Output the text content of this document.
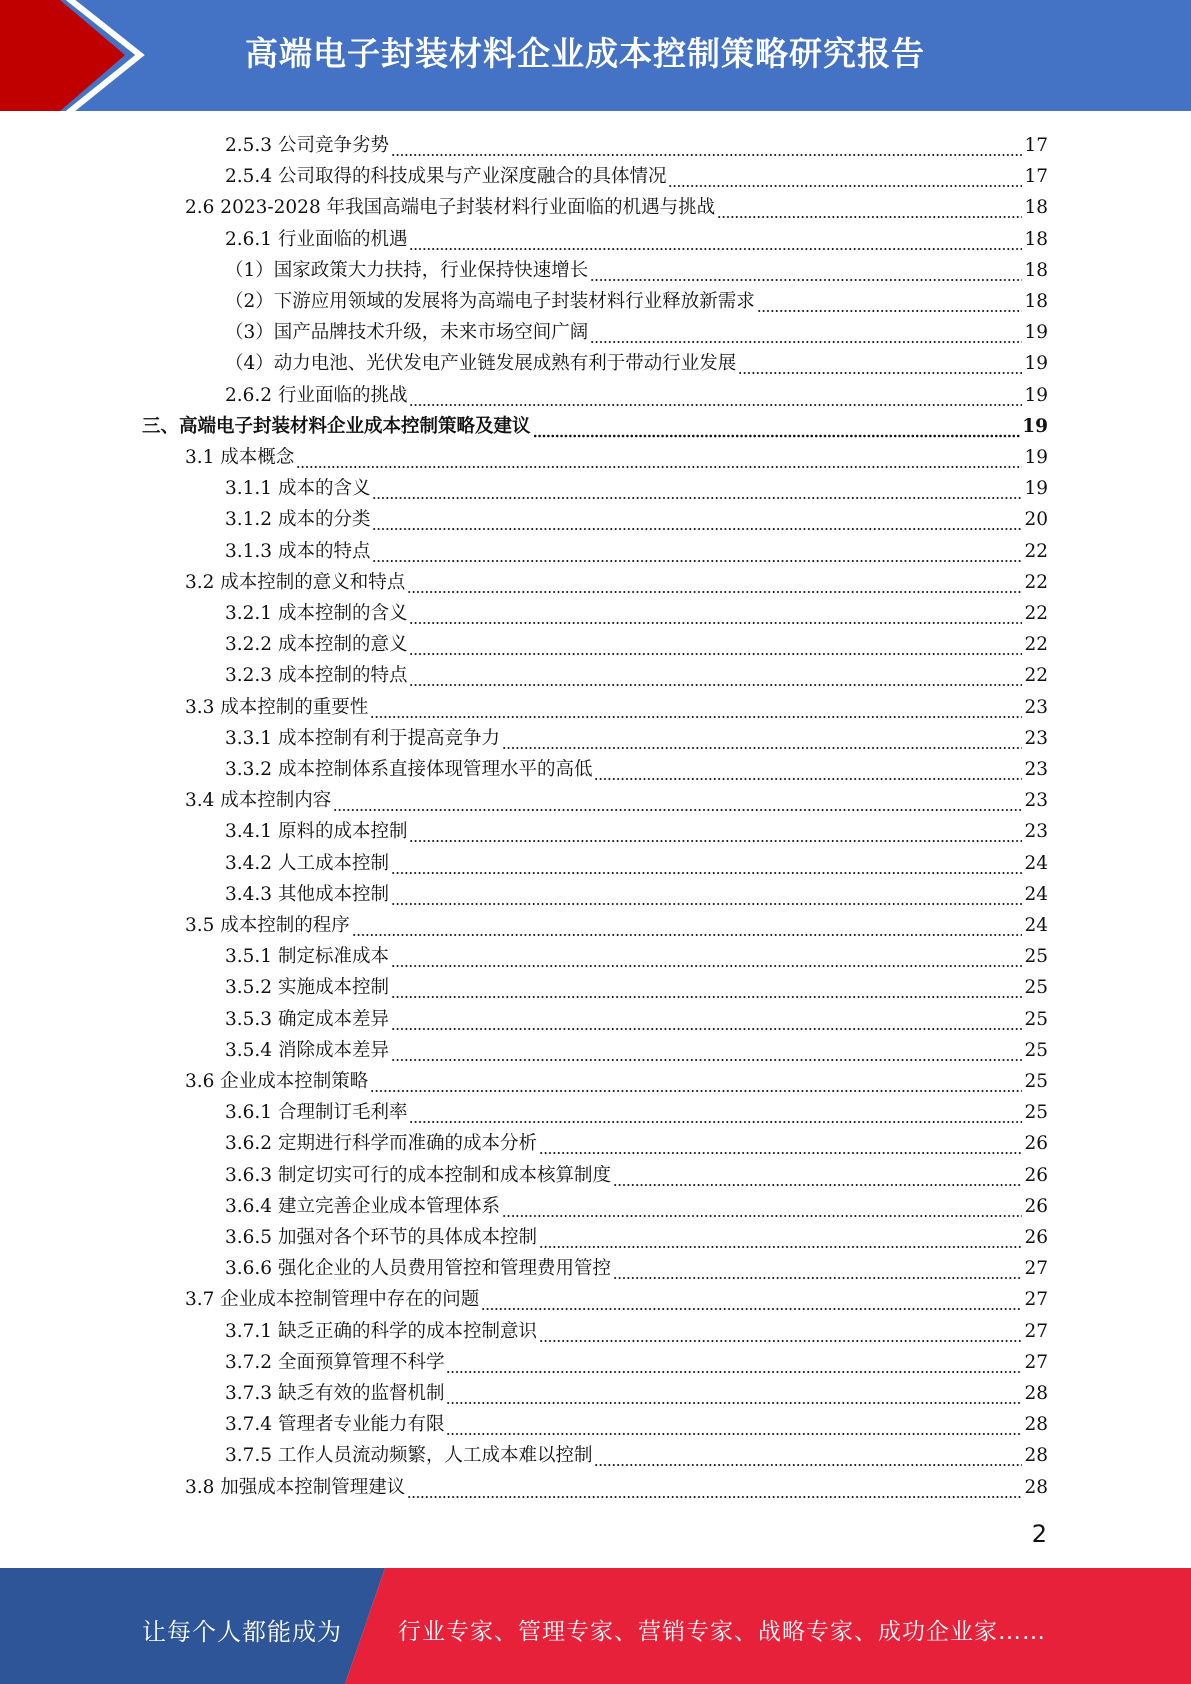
高端电子封装材料企业成本控制策略研究报告
2.5.3 公司竞争劣势	17
2.5.4 公司取得的科技成果与产业深度融合的具体情况	17
2.6 2023-2028 年我国高端电子封装材料行业面临的机遇与挑战	18
2.6.1 行业面临的机遇	18
（1）国家政策大力扶持，行业保持快速增长	18
（2）下游应用领域的发展将为高端电子封装材料行业释放新需求	18
（3）国产品牌技术升级，未来市场空间广阔	19
（4）动力电池、光伏发电产业链发展成熟有利于带动行业发展	19
2.6.2 行业面临的挑战	19
三、高端电子封装材料企业成本控制策略及建议	19
3.1 成本概念	19
3.1.1 成本的含义	19
3.1.2 成本的分类	20
3.1.3 成本的特点	22
3.2 成本控制的意义和特点	22
3.2.1 成本控制的含义	22
3.2.2 成本控制的意义	22
3.2.3 成本控制的特点	22
3.3 成本控制的重要性	23
3.3.1 成本控制有利于提高竞争力	23
3.3.2 成本控制体系直接体现管理水平的高低	23
3.4 成本控制内容	23
3.4.1 原料的成本控制	23
3.4.2 人工成本控制	24
3.4.3 其他成本控制	24
3.5 成本控制的程序	24
3.5.1 制定标准成本	25
3.5.2 实施成本控制	25
3.5.3 确定成本差异	25
3.5.4 消除成本差异	25
3.6 企业成本控制策略	25
3.6.1 合理制订毛利率	25
3.6.2 定期进行科学而准确的成本分析	26
3.6.3 制定切实可行的成本控制和成本核算制度	26
3.6.4 建立完善企业成本管理体系	26
3.6.5 加强对各个环节的具体成本控制	26
3.6.6 强化企业的人员费用管控和管理费用管控	27
3.7 企业成本控制管理中存在的问题	27
3.7.1 缺乏正确的科学的成本控制意识	27
3.7.2 全面预算管理不科学	27
3.7.3 缺乏有效的监督机制	28
3.7.4 管理者专业能力有限	28
3.7.5 工作人员流动频繁，人工成本难以控制	28
3.8 加强成本控制管理建议	28
2
让每个人都能成为 行业专家、管理专家、营销专家、战略专家、成功企业家……
